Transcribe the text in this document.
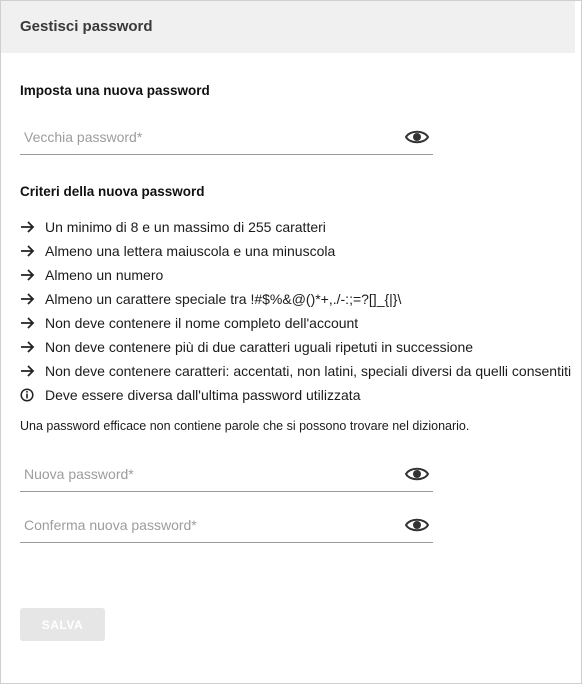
Gestisci password
Imposta una nuova password
Criteri della nuova password
Un minimo di 8 e un massimo di 255 caratteri
Almeno una lettera maiuscola e una minuscola
Almeno un numero
Almeno un carattere speciale tra !#$%&@()*+,./-:;=?[]_{|}\
Non deve contenere il nome completo dell'account
Non deve contenere più di due caratteri uguali ripetuti in successione
Non deve contenere caratteri: accentati, non latini, speciali diversi da quelli consentiti
Deve essere diversa dall'ultima password utilizzata
Una password efficace non contiene parole che si possono trovare nel dizionario.
SALVA
